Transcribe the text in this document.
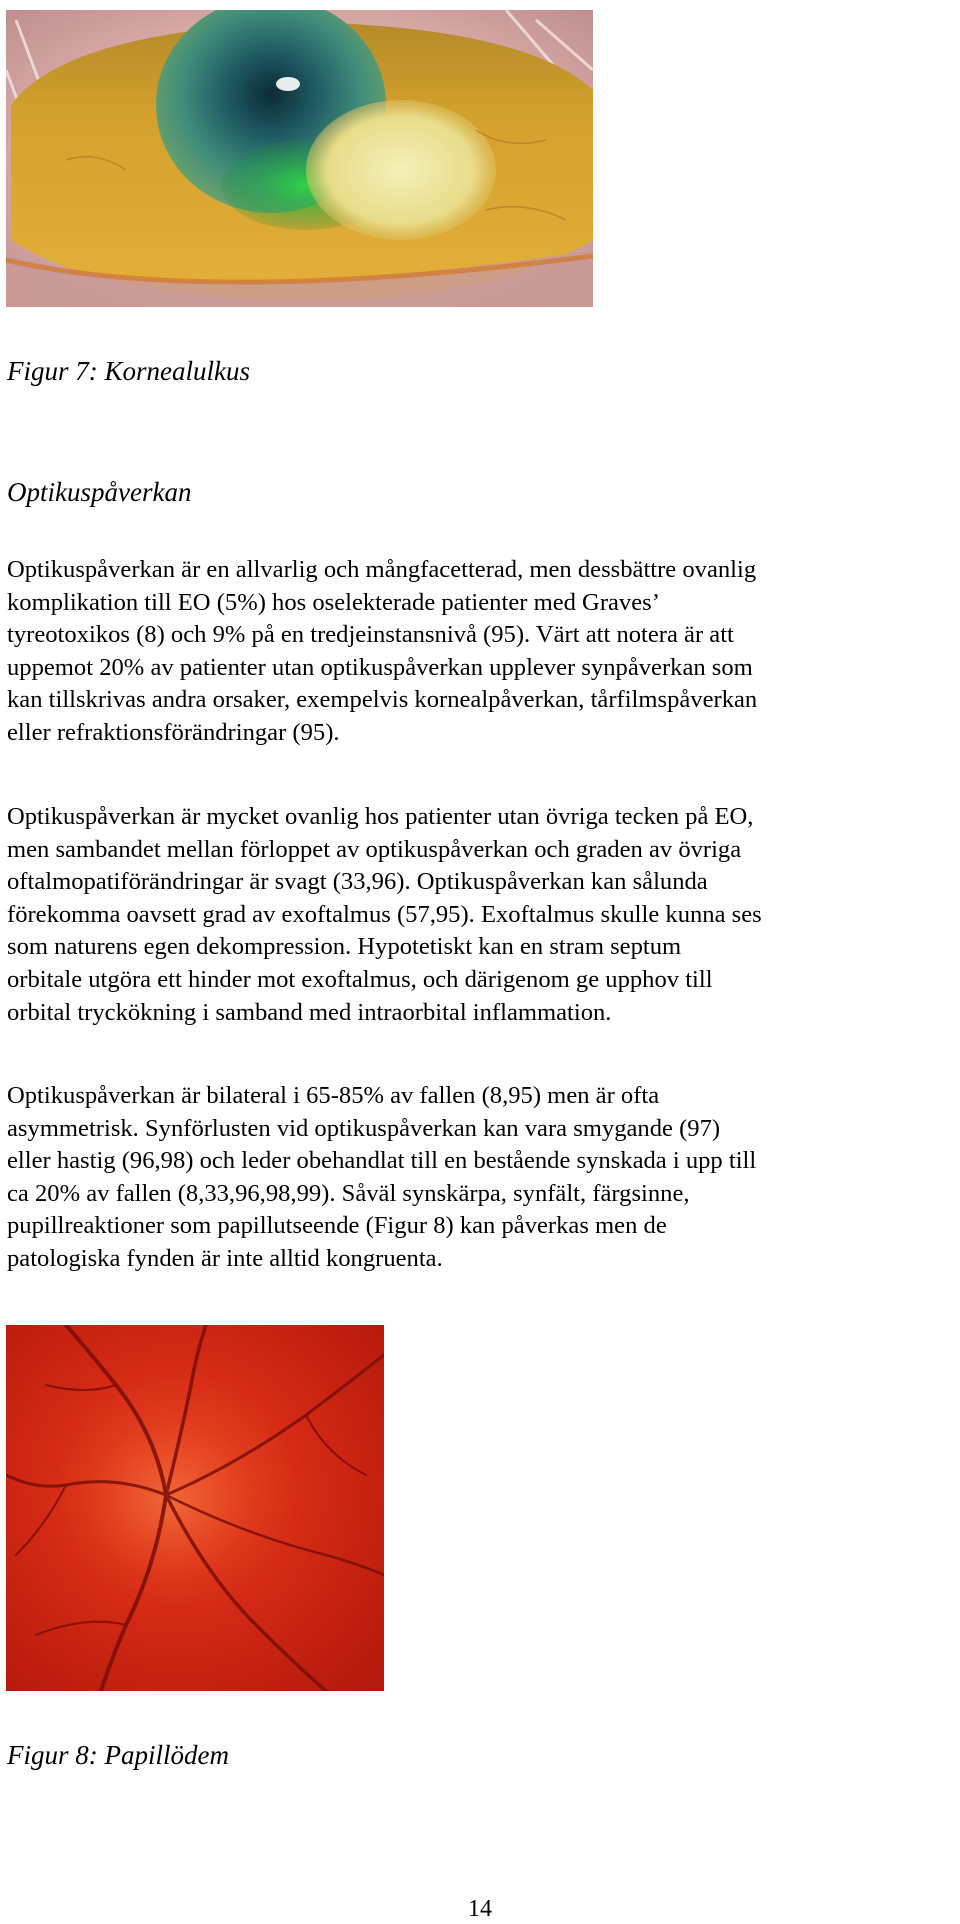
Figur 7: Kornealulkus
Optikuspåverkan

Optikuspåverkan är en allvarlig och mångfacetterad, men dessbättre ovanlig
komplikation till EO (5%) hos oselekterade patienter med Graves’
tyreotoxikos (8) och 9% på en tredjeinstansnivå (95). Värt att notera är att
uppemot 20% av patienter utan optikuspåverkan upplever synpåverkan som
kan tillskrivas andra orsaker, exempelvis kornealpåverkan, tårfilmspåverkan
eller refraktionsförändringar (95).

Optikuspåverkan är mycket ovanlig hos patienter utan övriga tecken på EO,
men sambandet mellan förloppet av optikuspåverkan och graden av övriga
oftalmopatiförändringar är svagt (33,96). Optikuspåverkan kan sålunda
förekomma oavsett grad av exoftalmus (57,95). Exoftalmus skulle kunna ses
som naturens egen dekompression. Hypotetiskt kan en stram septum
orbitale utgöra ett hinder mot exoftalmus, och därigenom ge upphov till
orbital tryckökning i samband med intraorbital inflammation.

Optikuspåverkan är bilateral i 65-85% av fallen (8,95) men är ofta
asymmetrisk. Synförlusten vid optikuspåverkan kan vara smygande (97)
eller hastig (96,98) och leder obehandlat till en bestående synskada i upp till
ca 20% av fallen (8,33,96,98,99). Såväl synskärpa, synfält, färgsinne,
pupillreaktioner som papillutseende (Figur 8) kan påverkas men de
patologiska fynden är inte alltid kongruenta.

Figur 8: Papillödem
14
